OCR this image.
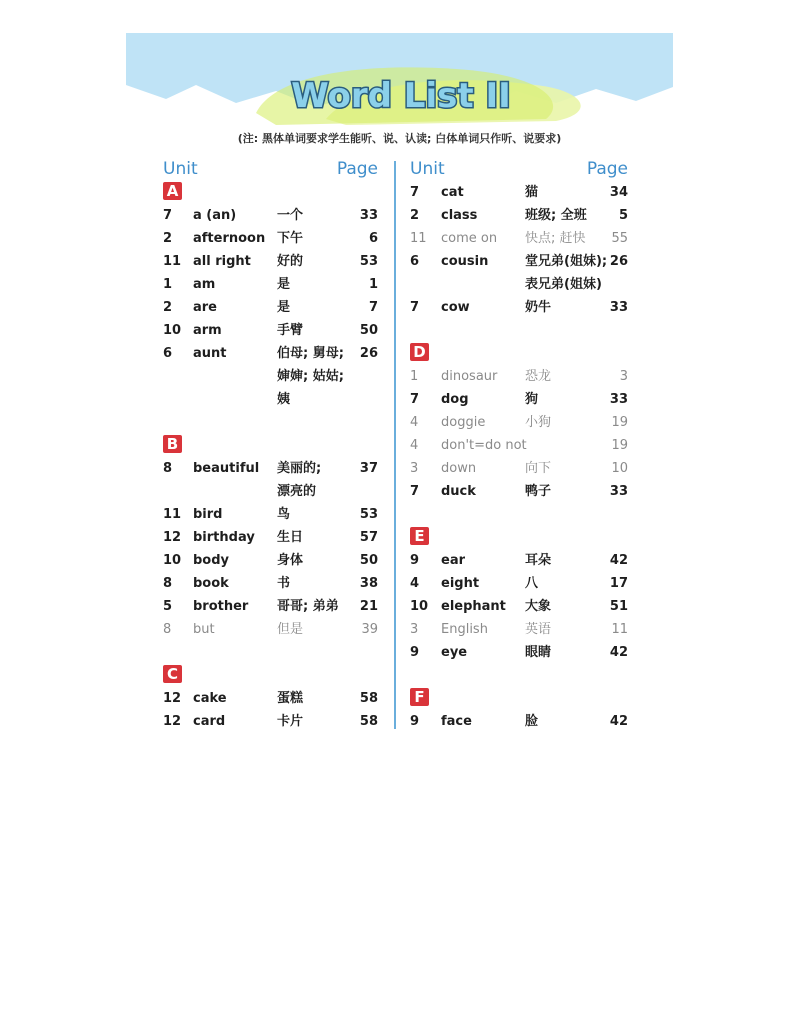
Word List II
(注: 黑体单词要求学生能听、说、认读; 白体单词只作听、说要求)
Unit	Page
A
7 a (an)	一个	33
2 afternoon 下午	6
11 all right 好的	53
1 am	是	1
2 are	是	7
10 arm	手臂	50
6 aunt	伯母; 舅母; 26
婶婶; 姑姑;
姨
B
8 beautiful 美丽的;	37
漂亮的
11 bird	鸟	53
12 birthday 生日	57
10 body	身体	50
8 book	书	38
5 brother 哥哥; 弟弟 21
8 but	但是	39
C
12 cake	蛋糕	58
12 card	卡片	58
Unit	Page
7 cat	猫	34
2 class	班级; 全班 5
11 come on 快点; 赶快 55
6 cousin	堂兄弟(姐妹); 26
表兄弟(姐妹)
7 cow	奶牛	33
D
1 dinosaur 恐龙	3
7 dog	狗	33
4 doggie	小狗	19
4 don't=do not	19
3 down	向下	10
7 duck	鸭子	33
E
9 ear	耳朵	42
4 eight	八	17
10 elephant 大象	51
3 English	英语	11
9 eye	眼睛	42
F
9 face	脸	42
